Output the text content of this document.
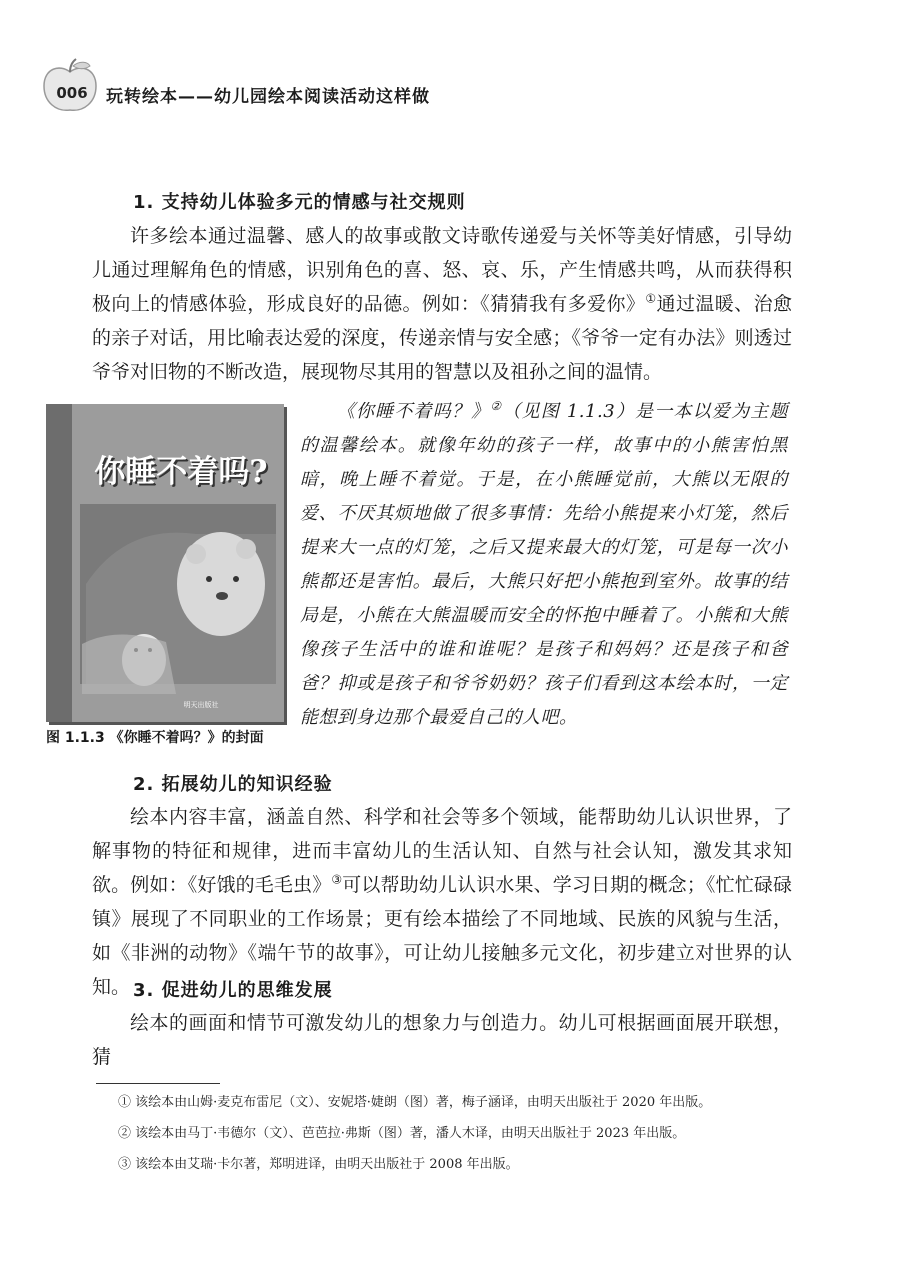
006 玩转绘本——幼儿园绘本阅读活动这样做
1. 支持幼儿体验多元的情感与社交规则

许多绘本通过温馨、感人的故事或散文诗歌传递爱与关怀等美好情感，引导幼儿通过理解角色的情感，识别角色的喜、怒、哀、乐，产生情感共鸣，从而获得积极向上的情感体验，形成良好的品德。例如：《猜猜我有多爱你》①通过温暖、治愈的亲子对话，用比喻表达爱的深度，传递亲情与安全感；《爷爷一定有办法》则透过爷爷对旧物的不断改造，展现物尽其用的智慧以及祖孙之间的温情。

你睡不着吗?
明天出版社

《你睡不着吗？》②（见图 1.1.3）是一本以爱为主题的温馨绘本。就像年幼的孩子一样，故事中的小熊害怕黑暗，晚上睡不着觉。于是，在小熊睡觉前，大熊以无限的爱、不厌其烦地做了很多事情：先给小熊提来小灯笼，然后提来大一点的灯笼，之后又提来最大的灯笼，可是每一次小熊都还是害怕。最后，大熊只好把小熊抱到室外。故事的结局是，小熊在大熊温暖而安全的怀抱中睡着了。小熊和大熊像孩子生活中的谁和谁呢？是孩子和妈妈？还是孩子和爸爸？抑或是孩子和爷爷奶奶？孩子们看到这本绘本时，一定能想到身边那个最爱自己的人吧。

图 1.1.3 《你睡不着吗？》的封面
2. 拓展幼儿的知识经验

绘本内容丰富，涵盖自然、科学和社会等多个领域，能帮助幼儿认识世界，了解事物的特征和规律，进而丰富幼儿的生活认知、自然与社会认知，激发其求知欲。例如：《好饿的毛毛虫》③可以帮助幼儿认识水果、学习日期的概念；《忙忙碌碌镇》展现了不同职业的工作场景；更有绘本描绘了不同地域、民族的风貌与生活，如《非洲的动物》《端午节的故事》，可让幼儿接触多元文化，初步建立对世界的认知。 3. 促进幼儿的思维发展

绘本的画面和情节可激发幼儿的想象力与创造力。幼儿可根据画面展开联想，猜

① 该绘本由山姆·麦克布雷尼（文）、安妮塔·婕朗（图）著，梅子涵译，由明天出版社于 2020 年出版。
② 该绘本由马丁·韦德尔（文）、芭芭拉·弗斯（图）著，潘人木译，由明天出版社于 2023 年出版。
③ 该绘本由艾瑞·卡尔著，郑明进译，由明天出版社于 2008 年出版。
